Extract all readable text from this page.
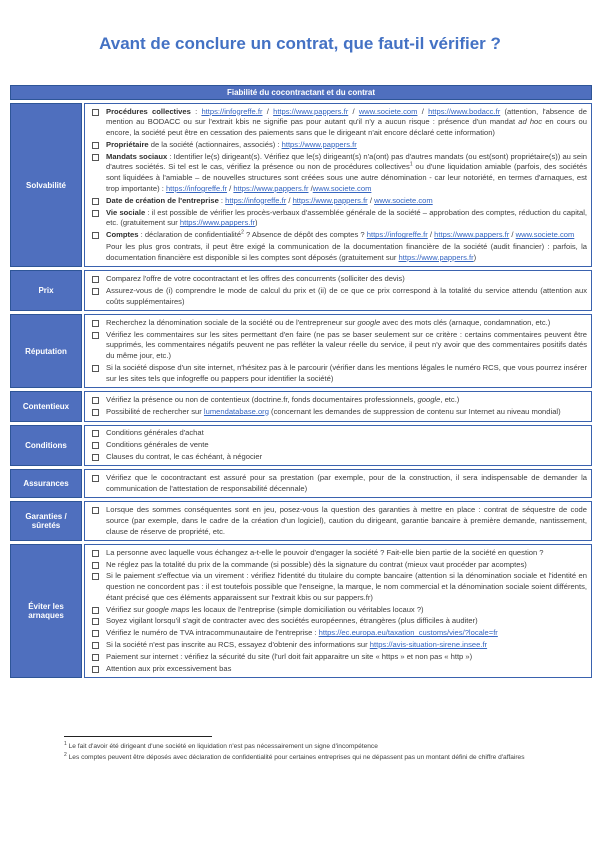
Avant de conclure un contrat, que faut-il vérifier ?
Fiabilité du cocontractant et du contrat
Solvabilité
Procédures collectives : https://infogreffe.fr / https://www.pappers.fr / www.societe.com / https://www.bodacc.fr (attention, l'absence de mention au BODACC ou sur l'extrait kbis ne signifie pas pour autant qu'il n'y a aucun risque : présence d'un mandat ad hoc en cours ou encore, la société peut être en cessation des paiements sans que le dirigeant n'ait encore déclaré cette information)
Propriétaire de la société (actionnaires, associés) : https://www.pappers.fr
Mandats sociaux : Identifier le(s) dirigeant(s). Vérifiez que le(s) dirigeant(s) n'a(ont) pas d'autres mandats (ou est(sont) propriétaire(s)) au sein d'autres sociétés. Si tel est le cas, vérifiez la présence ou non de procédures collectives$^1$ ou d'une liquidation amiable (parfois, des sociétés sont liquidées à l'amiable – de nouvelles structures sont créées sous une autre dénomination - car leur notoriété, en termes d'arnaques, est trop importante) : https://infogreffe.fr / https://www.pappers.fr /www.societe.com
Date de création de l'entreprise : https://infogreffe.fr / https://www.pappers.fr / www.societe.com
Vie sociale : il est possible de vérifier les procès-verbaux d'assemblée générale de la société – approbation des comptes, réduction du capital, etc. (gratuitement sur https://www.pappers.fr)
Comptes : déclaration de confidentialité$^2$ ? Absence de dépôt des comptes ? https://infogreffe.fr / https://www.pappers.fr / www.societe.com
Pour les plus gros contrats, il peut être exigé la communication de la documentation financière de la société (audit financier) : parfois, la documentation financière est disponible si les comptes sont déposés (gratuitement sur https://www.pappers.fr)
Prix
Comparez l'offre de votre cocontractant et les offres des concurrents (solliciter des devis)
Assurez-vous de (i) comprendre le mode de calcul du prix et (ii) de ce que ce prix correspond à la totalité du service attendu (attention aux coûts supplémentaires)
Réputation
Recherchez la dénomination sociale de la société ou de l'entrepreneur sur google avec des mots clés (arnaque, condamnation, etc.)
Vérifiez les commentaires sur les sites permettant d'en faire (ne pas se baser seulement sur ce critère : certains commentaires peuvent être supprimés, les commentaires négatifs peuvent ne pas refléter la valeur réelle du service, il peut n'y avoir que des commentaires positifs datés du même jour, etc.)
Si la société dispose d'un site internet, n'hésitez pas à le parcourir (vérifier dans les mentions légales le numéro RCS, que vous pourrez insérer sur les sites tels que infogreffe ou pappers pour identifier la société)
Contentieux
Vérifiez la présence ou non de contentieux (doctrine.fr, fonds documentaires professionnels, google, etc.)
Possibilité de rechercher sur lumendatabase.org (concernant les demandes de suppression de contenu sur Internet au niveau mondial)
Conditions
Conditions générales d'achat
Conditions générales de vente
Clauses du contrat, le cas échéant, à négocier
Assurances
Vérifiez que le cocontractant est assuré pour sa prestation (par exemple, pour de la construction, il sera indispensable de demander la communication de l'attestation de responsabilité décennale)
Garanties / sûretés
Lorsque des sommes conséquentes sont en jeu, posez-vous la question des garanties à mettre en place : contrat de séquestre de code source (par exemple, dans le cadre de la création d'un logiciel), caution du dirigeant, garantie bancaire à première demande, nantissement, clause de réserve de propriété, etc.
Éviter les arnaques
La personne avec laquelle vous échangez a-t-elle le pouvoir d'engager la société ? Fait-elle bien partie de la société en question ?
Ne réglez pas la totalité du prix de la commande (si possible) dès la signature du contrat (mieux vaut procéder par acomptes)
Si le paiement s'effectue via un virement : vérifiez l'identité du titulaire du compte bancaire (attention si la dénomination sociale et l'identité en question ne concordent pas : il est toutefois possible que l'enseigne, la marque, le nom commercial et la dénomination sociale soient différents, étant précisé que ces éléments apparaissent sur l'extrait kbis ou sur pappers.fr)
Vérifiez sur google maps les locaux de l'entreprise (simple domiciliation ou véritables locaux ?)
Soyez vigilant lorsqu'il s'agit de contracter avec des sociétés européennes, étrangères (plus difficiles à auditer)
Vérifiez le numéro de TVA intracommunautaire de l'entreprise : https://ec.europa.eu/taxation_customs/vies/?locale=fr
Si la société n'est pas inscrite au RCS, essayez d'obtenir des informations sur https://avis-situation-sirene.insee.fr
Paiement sur internet : vérifiez la sécurité du site (l'url doit fait apparaitre un site « https » et non pas « http »)
Attention aux prix excessivement bas
$^1$ Le fait d'avoir été dirigeant d'une société en liquidation n'est pas nécessairement un signe d'incompétence
$^2$ Les comptes peuvent être déposés avec déclaration de confidentialité pour certaines entreprises qui ne dépassent pas un montant défini de chiffre d'affaires
